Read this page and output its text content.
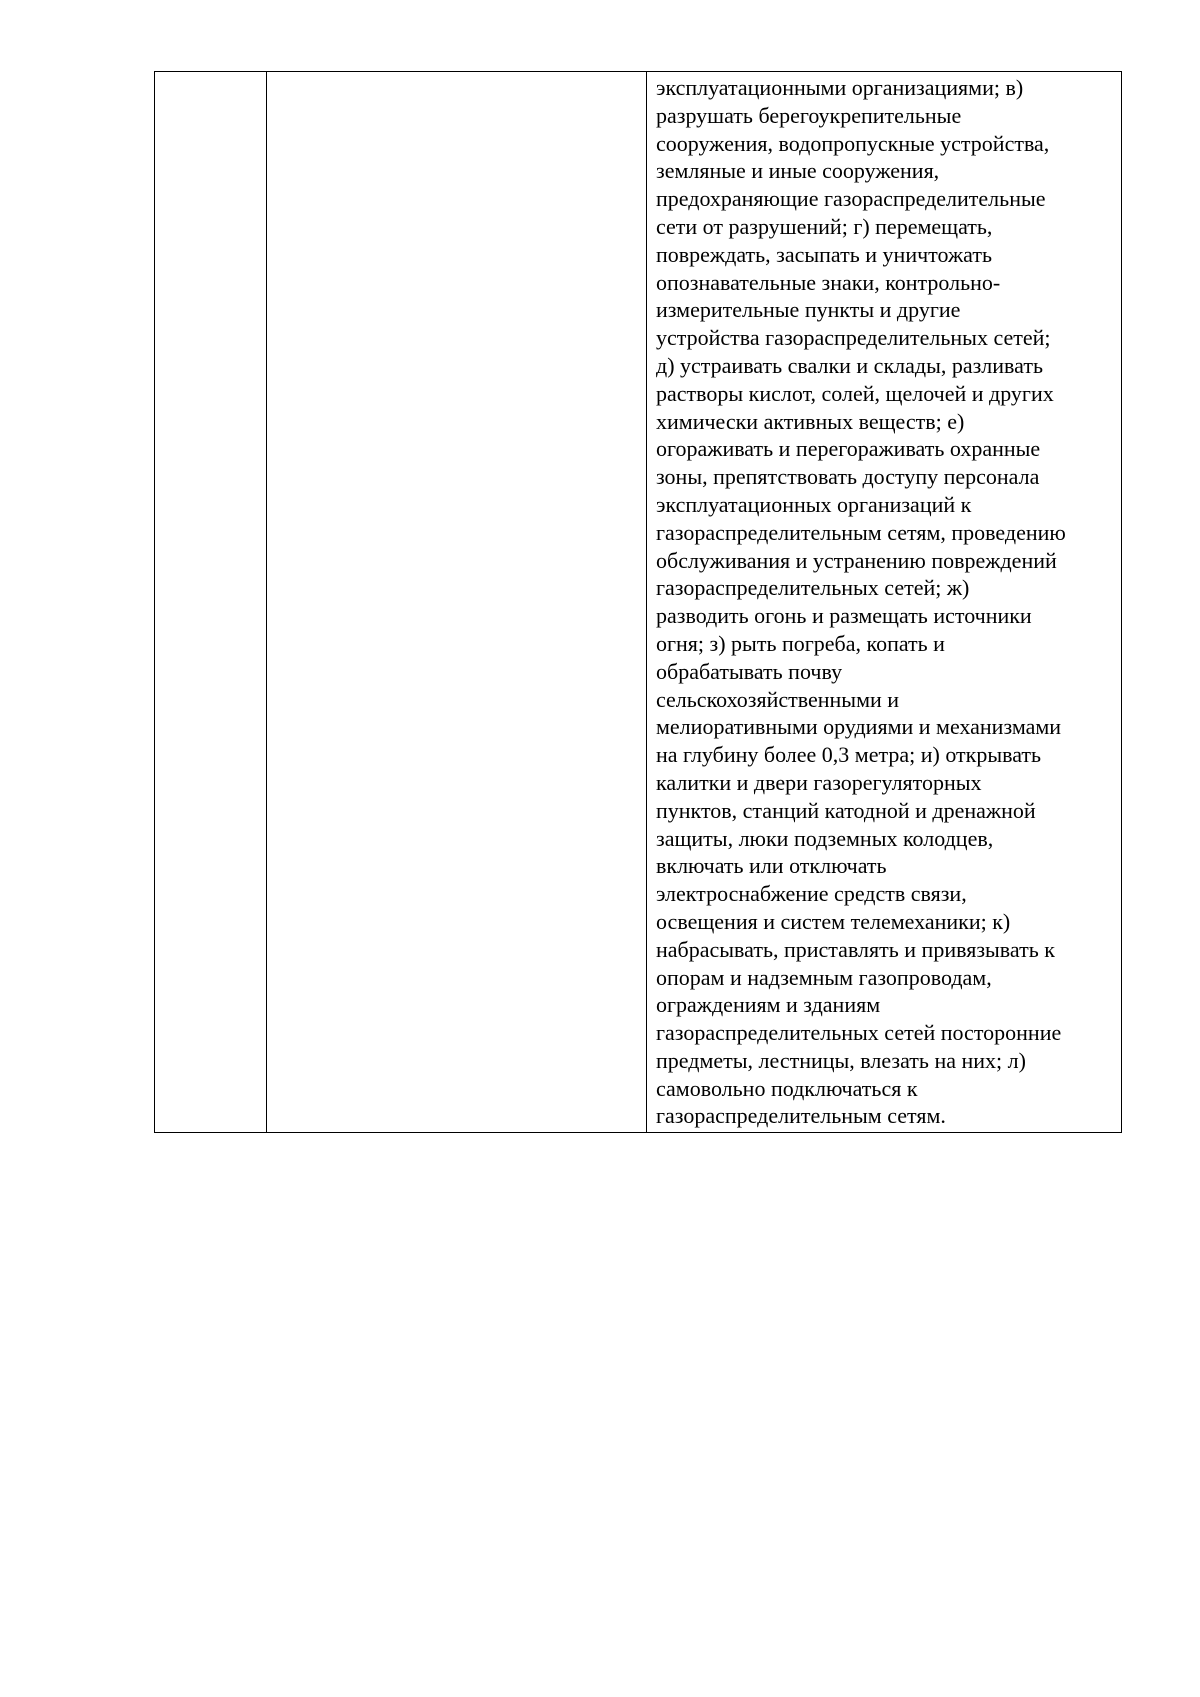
эксплуатационными организациями; в)
разрушать берегоукрепительные
сооружения, водопропускные устройства,
земляные и иные сооружения,
предохраняющие газораспределительные
сети от разрушений; г) перемещать,
повреждать, засыпать и уничтожать
опознавательные знаки, контрольно-
измерительные пункты и другие
устройства газораспределительных сетей;
д) устраивать свалки и склады, разливать
растворы кислот, солей, щелочей и других
химически активных веществ; е)
огораживать и перегораживать охранные
зоны, препятствовать доступу персонала
эксплуатационных организаций к
газораспределительным сетям, проведению
обслуживания и устранению повреждений
газораспределительных сетей; ж)
разводить огонь и размещать источники
огня; з) рыть погреба, копать и
обрабатывать почву
сельскохозяйственными и
мелиоративными орудиями и механизмами
на глубину более 0,3 метра; и) открывать
калитки и двери газорегуляторных
пунктов, станций катодной и дренажной
защиты, люки подземных колодцев,
включать или отключать
электроснабжение средств связи,
освещения и систем телемеханики; к)
набрасывать, приставлять и привязывать к
опорам и надземным газопроводам,
ограждениям и зданиям
газораспределительных сетей посторонние
предметы, лестницы, влезать на них; л)
самовольно подключаться к
газораспределительным сетям.
